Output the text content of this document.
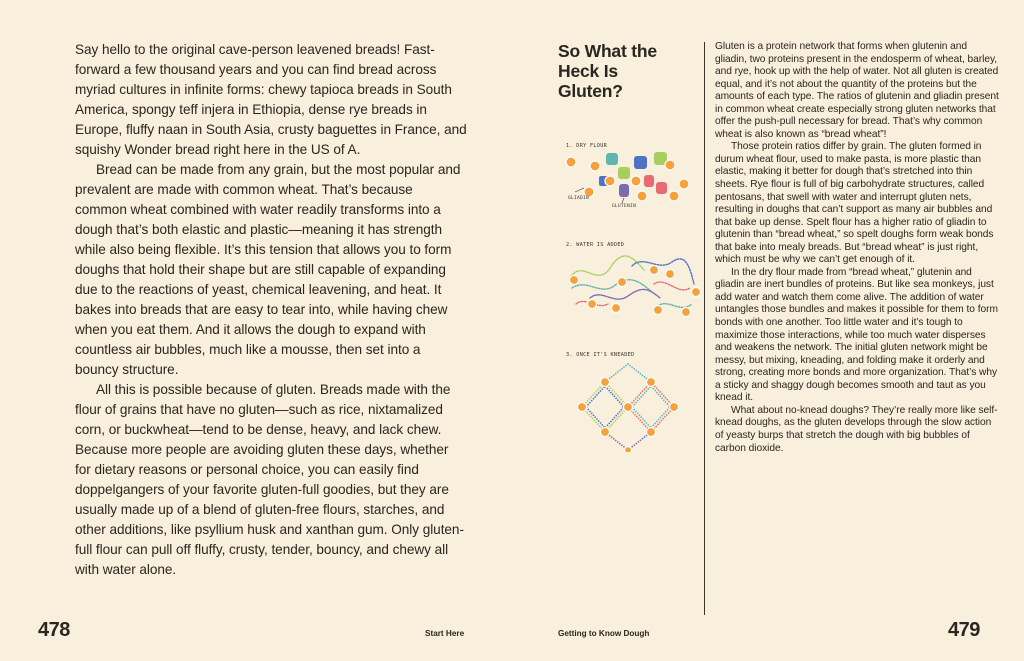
Say hello to the original cave-person leavened breads! Fast-forward a few thousand years and you can find bread across myriad cultures in infinite forms: chewy tapioca breads in South America, spongy teff injera in Ethiopia, dense rye breads in Europe, fluffy naan in South Asia, crusty baguettes in France, and squishy Wonder bread right here in the US of A.

Bread can be made from any grain, but the most popular and prevalent are made with common wheat. That’s because common wheat combined with water readily transforms into a dough that’s both elastic and plastic—meaning it has strength while also being flexible. It’s this tension that allows you to form doughs that hold their shape but are still capable of expanding due to the reactions of yeast, chemical leavening, and heat. It bakes into breads that are easy to tear into, while having chew when you eat them. And it allows the dough to expand with countless air bubbles, much like a mousse, then set into a bouncy structure.

All this is possible because of gluten. Breads made with the flour of grains that have no gluten—such as rice, nixtamalized corn, or buckwheat—tend to be dense, heavy, and lack chew. Because more people are avoiding gluten these days, whether for dietary reasons or personal choice, you can easily find doppelgangers of your favorite gluten-full goodies, but they are usually made up of a blend of gluten-free flours, starches, and other additions, like psyllium husk and xanthan gum. Only gluten-full flour can pull off fluffy, crusty, tender, bouncy, and chewy all with water alone.

478	Start Here
So What the Heck Is Gluten?
1. DRY FLOUR
GLIADIN
GLUTENIN
2. WATER IS ADDED
3. ONCE IT'S KNEADED

Gluten is a protein network that forms when glutenin and gliadin, two proteins present in the endosperm of wheat, barley, and rye, hook up with the help of water. Not all gluten is created equal, and it’s not about the quantity of the proteins but the amounts of each type. The ratios of glutenin and gliadin present in common wheat create especially strong gluten networks that offer the push-pull necessary for bread. That’s why common wheat is also known as “bread wheat”!

Those protein ratios differ by grain. The gluten formed in durum wheat flour, used to make pasta, is more plastic than elastic, making it better for dough that’s stretched into thin sheets. Rye flour is full of big carbohydrate structures, called pentosans, that swell with water and interrupt gluten nets, resulting in doughs that can’t support as many air bubbles and that bake up dense. Spelt flour has a higher ratio of gliadin to glutenin than “bread wheat,” so spelt doughs form weak bonds that bake into mealy breads. But “bread wheat” is just right, which must be why we can’t get enough of it.

In the dry flour made from “bread wheat,” glutenin and gliadin are inert bundles of proteins. But like sea monkeys, just add water and watch them come alive. The addition of water untangles those bundles and makes it possible for them to form bonds with one another. Too little water and it’s tough to maximize those interactions, while too much water disperses and weakens the network. The initial gluten network might be messy, but mixing, kneading, and folding make it orderly and strong, creating more bonds and more organization. That’s why a sticky and shaggy dough becomes smooth and taut as you knead it.

What about no-knead doughs? They’re really more like self-knead doughs, as the gluten develops through the slow action of yeasty burps that stretch the dough with big bubbles of carbon dioxide.

Getting to Know Dough	479
